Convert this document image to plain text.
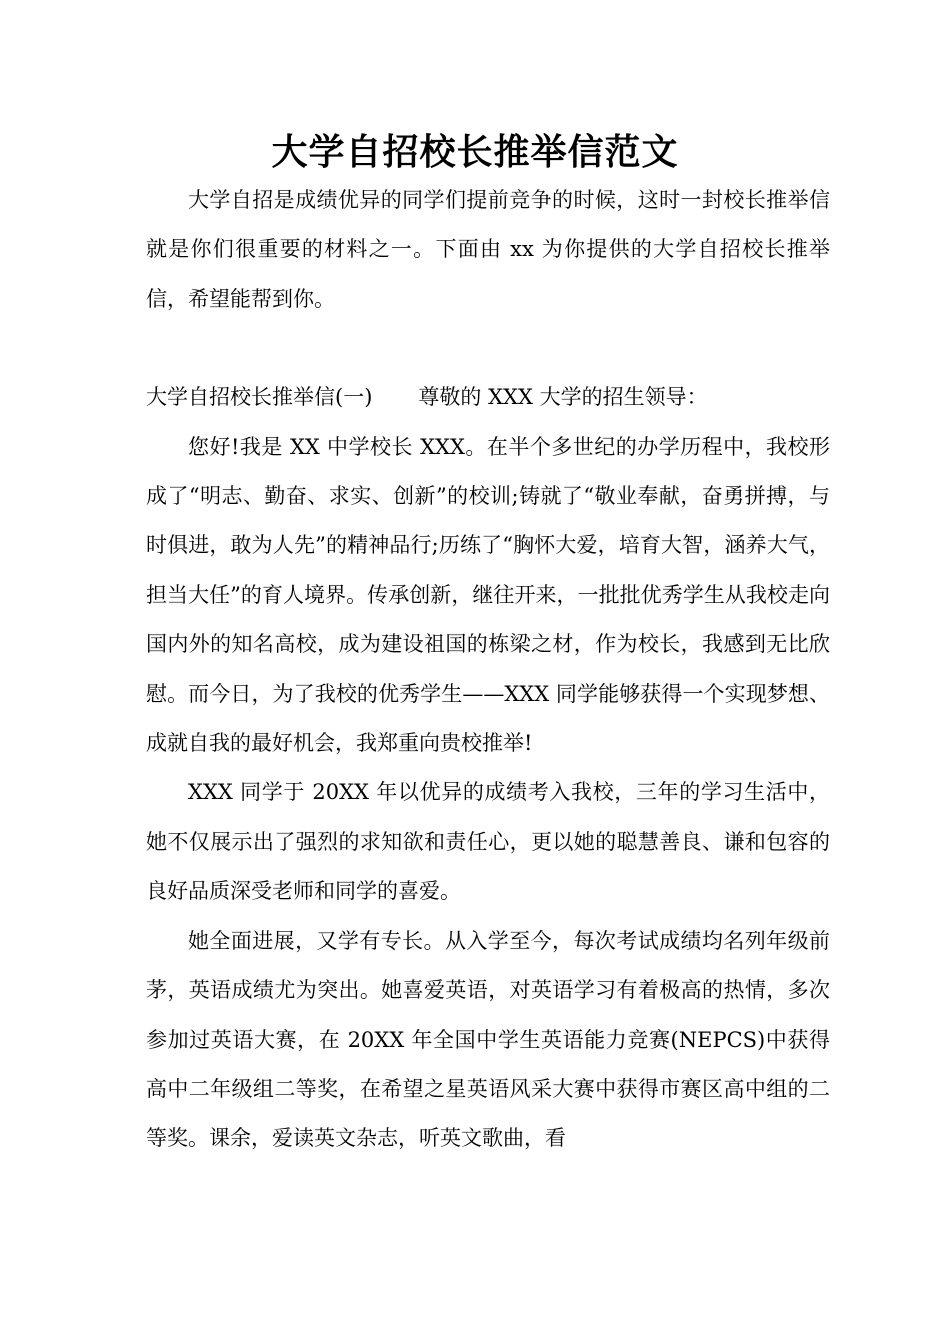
大学自招校长推举信范文

大学自招是成绩优异的同学们提前竞争的时候，这时一封校长推举信就是你们很重要的材料之一。下面由 xx 为你提供的大学自招校长推举信，希望能帮到你。

大学自招校长推举信(一) 尊敬的 XXX 大学的招生领导：

您好!我是 XX 中学校长 XXX。在半个多世纪的办学历程中，我校形成了“明志、勤奋、求实、创新”的校训;铸就了“敬业奉献，奋勇拼搏，与时俱进，敢为人先”的精神品行;历练了“胸怀大爱，培育大智，涵养大气，担当大任”的育人境界。传承创新，继往开来，一批批优秀学生从我校走向国内外的知名高校，成为建设祖国的栋梁之材，作为校长，我感到无比欣慰。而今日，为了我校的优秀学生——XXX 同学能够获得一个实现梦想、成就自我的最好机会，我郑重向贵校推举!

XXX 同学于 20XX 年以优异的成绩考入我校，三年的学习生活中，她不仅展示出了强烈的求知欲和责任心，更以她的聪慧善良、谦和包容的良好品质深受老师和同学的喜爱。

她全面进展，又学有专长。从入学至今，每次考试成绩均名列年级前茅，英语成绩尤为突出。她喜爱英语，对英语学习有着极高的热情，多次参加过英语大赛，在 20XX 年全国中学生英语能力竞赛(NEPCS)中获得高中二年级组二等奖，在希望之星英语风采大赛中获得市赛区高中组的二等奖。课余，爱读英文杂志，听英文歌曲，看
